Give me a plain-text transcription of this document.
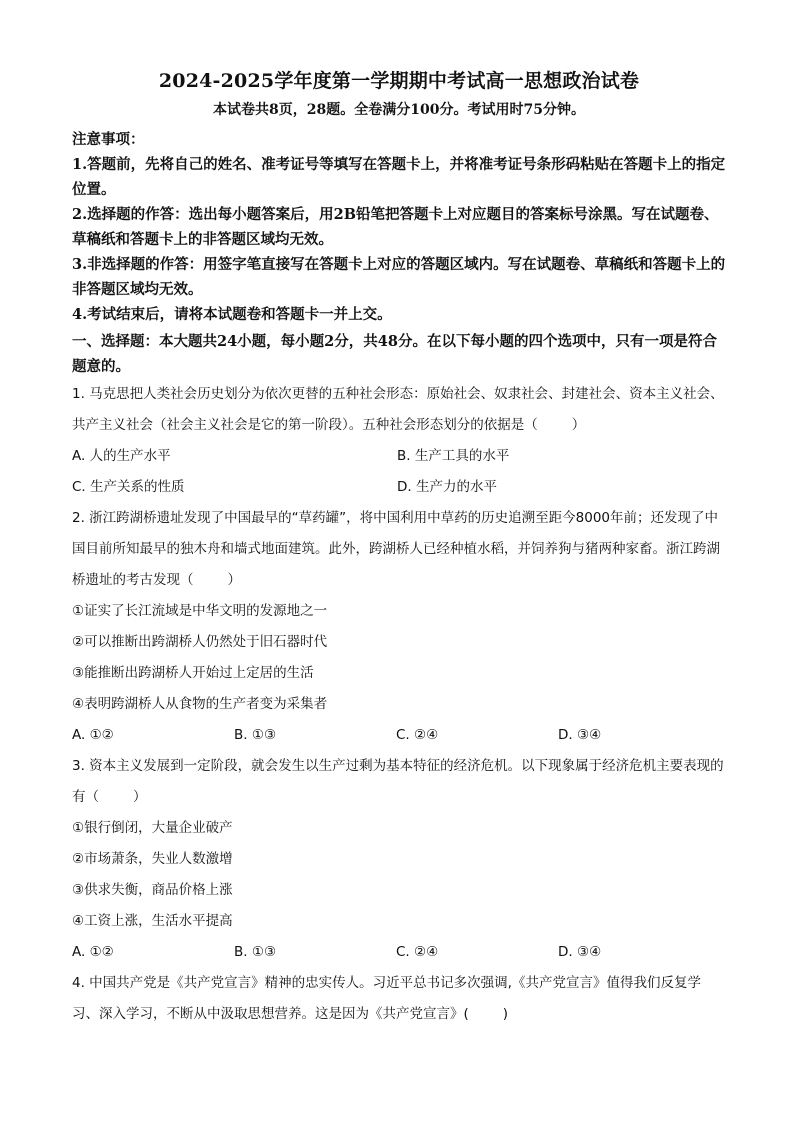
2024-2025学年度第一学期期中考试高一思想政治试卷
本试卷共8页，28题。全卷满分100分。考试用时75分钟。
注意事项：
1.答题前，先将自己的姓名、准考证号等填写在答题卡上，并将准考证号条形码粘贴在答题卡上的指定位置。
2.选择题的作答：选出每小题答案后，用2B铅笔把答题卡上对应题目的答案标号涂黑。写在试题卷、草稿纸和答题卡上的非答题区域均无效。
3.非选择题的作答：用签字笔直接写在答题卡上对应的答题区域内。写在试题卷、草稿纸和答题卡上的非答题区域均无效。
4.考试结束后，请将本试题卷和答题卡一并上交。
一、选择题：本大题共24小题，每小题2分，共48分。在以下每小题的四个选项中，只有一项是符合题意的。
1. 马克思把人类社会历史划分为依次更替的五种社会形态：原始社会、奴隶社会、封建社会、资本主义社会、共产主义社会（社会主义社会是它的第一阶段）。五种社会形态划分的依据是（	）
A. 人的生产水平	B. 生产工具的水平
C. 生产关系的性质	D. 生产力的水平
2. 浙江跨湖桥遗址发现了中国最早的“草药罐”，将中国利用中草药的历史追溯至距今8000年前；还发现了中国目前所知最早的独木舟和墙式地面建筑。此外，跨湖桥人已经种植水稻，并饲养狗与猪两种家畜。浙江跨湖桥遗址的考古发现（	）
①证实了长江流域是中华文明的发源地之一
②可以推断出跨湖桥人仍然处于旧石器时代
③能推断出跨湖桥人开始过上定居的生活
④表明跨湖桥人从食物的生产者变为采集者
A. ①②	B. ①③	C. ②④	D. ③④
3. 资本主义发展到一定阶段，就会发生以生产过剩为基本特征的经济危机。以下现象属于经济危机主要表现的有（	）
①银行倒闭，大量企业破产
②市场萧条，失业人数激增
③供求失衡，商品价格上涨
④工资上涨，生活水平提高
A. ①②	B. ①③	C. ②④	D. ③④
4. 中国共产党是《共产党宣言》精神的忠实传人。习近平总书记多次强调,《共产党宣言》值得我们反复学习、深入学习，不断从中汲取思想营养。这是因为《共产党宣言》(	)
